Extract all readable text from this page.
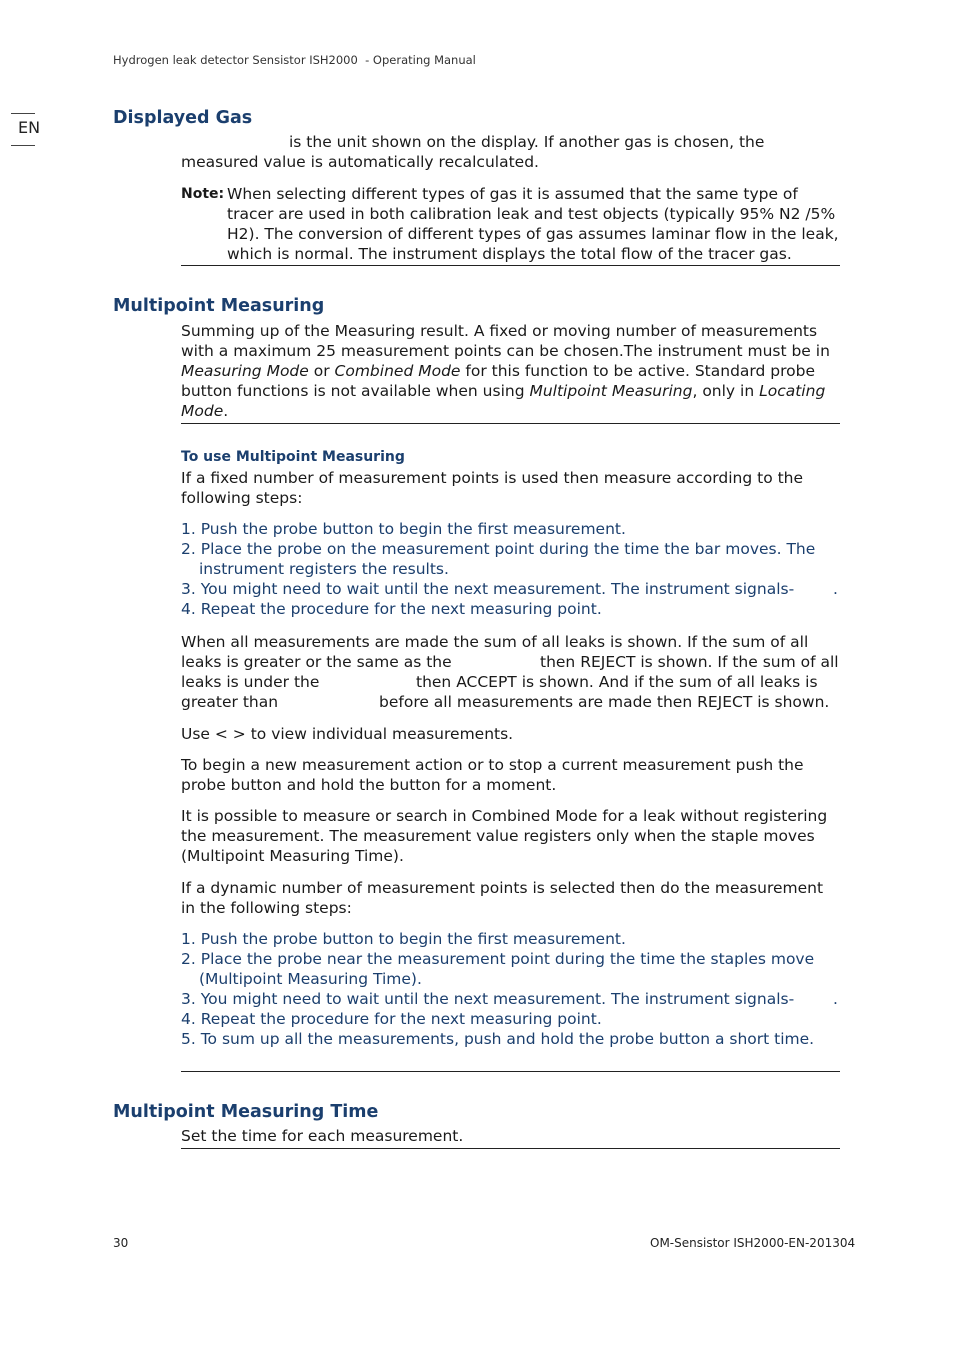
Hydrogen leak detector Sensistor ISH2000  - Operating Manual
EN	Displayed Gas
is the unit shown on the display. If another gas is chosen, the
measured value is automatically recalculated.
Note: When selecting different types of gas it is assumed that the same type of tracer are used in both calibration leak and test objects (typically 95% N2 /5% H2). The conversion of different types of gas assumes laminar flow in the leak, which is normal. The instrument displays the total flow of the tracer gas.
Multipoint Measuring
Summing up of the Measuring result. A fixed or moving number of measurements with a maximum 25 measurement points can be chosen.The instrument must be in Measuring Mode or Combined Mode for this function to be active. Standard probe button functions is not available when using Multipoint Measuring, only in Locating Mode.
To use Multipoint Measuring
If a fixed number of measurement points is used then measure according to the following steps:
1. Push the probe button to begin the first measurement.
2. Place the probe on the measurement point during the time the bar moves. The instrument registers the results.
3. You might need to wait until the next measurement. The instrument signals-	.
4. Repeat the procedure for the next measuring point.
When all measurements are made the sum of all leaks is shown. If the sum of all
leaks is greater or the same as the	then REJECT is shown. If the sum of all
leaks is under the	then ACCEPT is shown. And if the sum of all leaks is
greater than	before all measurements are made then REJECT is shown.
Use < > to view individual measurements.
To begin a new measurement action or to stop a current measurement push the probe button and hold the button for a moment.
It is possible to measure or search in Combined Mode for a leak without registering the measurement. The measurement value registers only when the staple moves (Multipoint Measuring Time).
If a dynamic number of measurement points is selected then do the measurement in the following steps:
1. Push the probe button to begin the first measurement.
2. Place the probe near the measurement point during the time the staples move (Multipoint Measuring Time).
3. You might need to wait until the next measurement. The instrument signals-	.
4. Repeat the procedure for the next measuring point.
5. To sum up all the measurements, push and hold the probe button a short time.
Multipoint Measuring Time
Set the time for each measurement.
30	OM-Sensistor ISH2000-EN-201304
